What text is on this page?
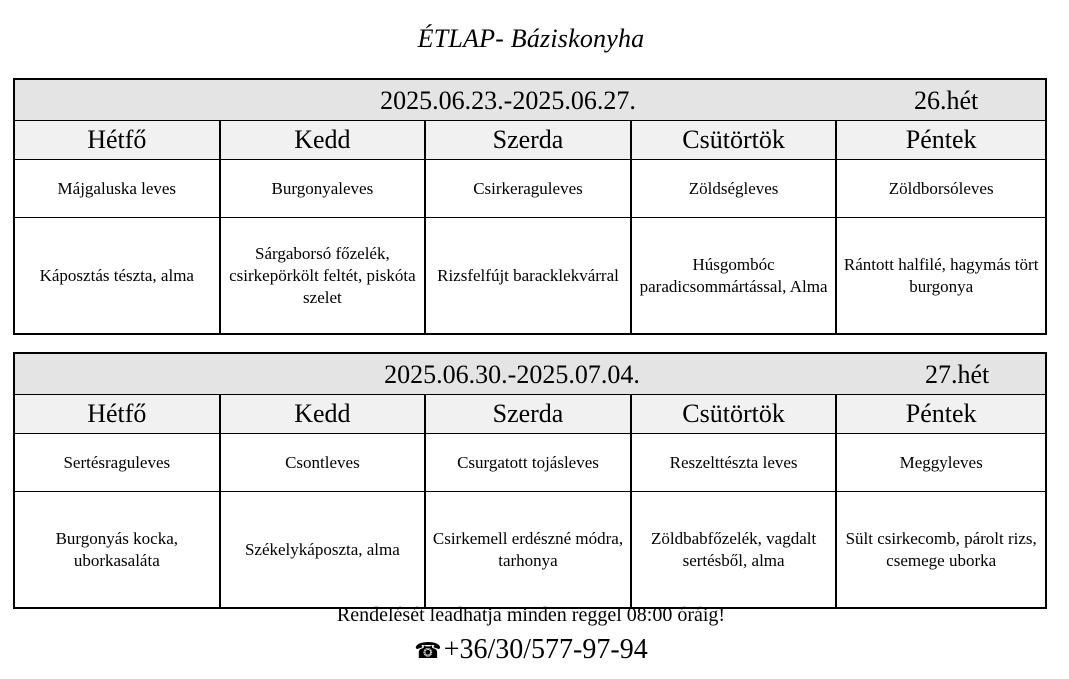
ÉTLAP- Báziskonyha
2025.06.23.-2025.06.27.	26.hét
Hétfő
Májgaluska leves
Káposztás tészta, alma
Kedd
Burgonyaleves
Sárgaborsó főzelék, csirkepörkölt feltét, piskóta szelet
Szerda
Csirkeraguleves
Rizsfelfújt baracklekvárral
Csütörtök
Zöldségleves
Húsgombóc paradicsommártással, Alma
Péntek
Zöldborsóleves
Rántott halfilé, hagymás tört burgonya
2025.06.30.-2025.07.04.	27.hét
Hétfő
Sertésraguleves
Burgonyás kocka, uborkasaláta
Kedd
Csontleves
Székelykáposzta, alma
Szerda
Csurgatott tojásleves
Csirkemell erdészné módra, tarhonya
Csütörtök
Reszelttészta leves
Zöldbabfőzelék, vagdalt sertésből, alma
Péntek
Meggyleves
Sült csirkecomb, párolt rizs, csemege uborka
Rendelését leadhatja minden reggel 08:00 óráig!
☎+36/30/577-97-94
